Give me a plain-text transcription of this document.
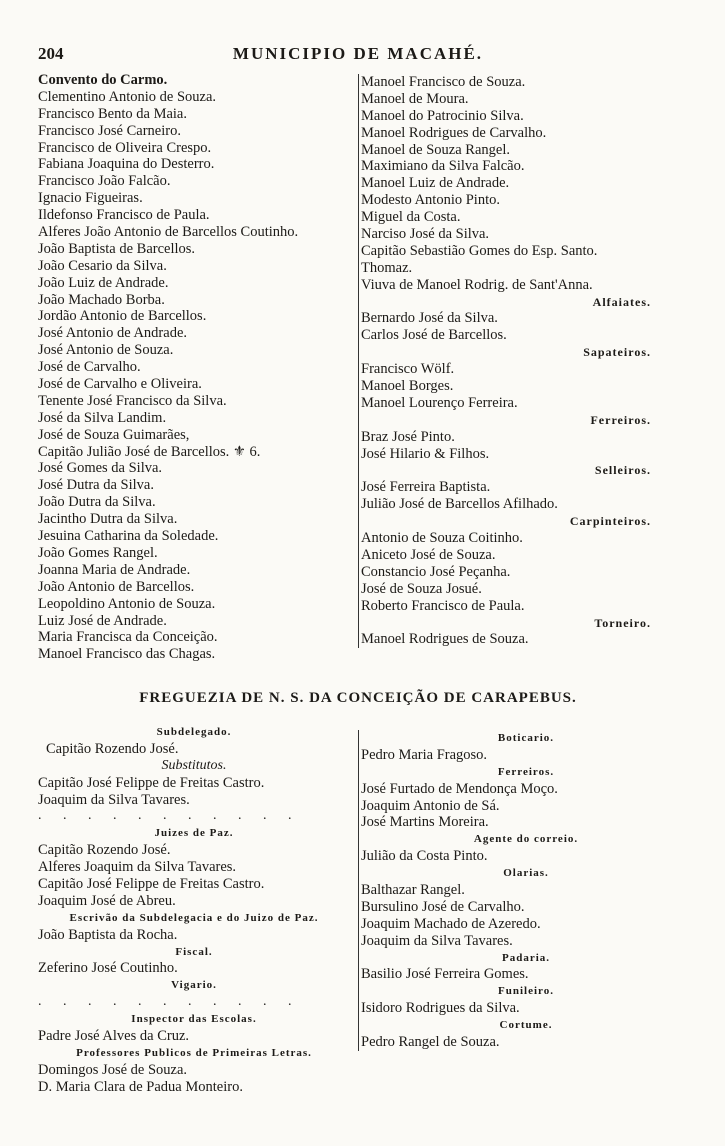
204	MUNICIPIO DE MACAHÉ.
Convento do Carmo.
Clementino Antonio de Souza.
Francisco Bento da Maia.
Francisco José Carneiro.
Francisco de Oliveira Crespo.
Fabiana Joaquina do Desterro.
Francisco João Falcão.
Ignacio Figueiras.
Ildefonso Francisco de Paula.
Alferes João Antonio de Barcellos Coutinho.
João Baptista de Barcellos.
João Cesario da Silva.
João Luiz de Andrade.
João Machado Borba.
Jordão Antonio de Barcellos.
José Antonio de Andrade.
José Antonio de Souza.
José de Carvalho.
José de Carvalho e Oliveira.
Tenente José Francisco da Silva.
José da Silva Landim.
José de Souza Guimarães,
Capitão Julião José de Barcellos. ⚜ 6.
José Gomes da Silva.
José Dutra da Silva.
João Dutra da Silva.
Jacintho Dutra da Silva.
Jesuina Catharina da Soledade.
João Gomes Rangel.
Joanna Maria de Andrade.
João Antonio de Barcellos.
Leopoldino Antonio de Souza.
Luiz José de Andrade.
Maria Francisca da Conceição.
Manoel Francisco das Chagas.
Manoel Francisco de Souza.
Manoel de Moura.
Manoel do Patrocinio Silva.
Manoel Rodrigues de Carvalho.
Manoel de Souza Rangel.
Maximiano da Silva Falcão.
Manoel Luiz de Andrade.
Modesto Antonio Pinto.
Miguel da Costa.
Narciso José da Silva.
Capitão Sebastião Gomes do Esp. Santo.
Thomaz.
Viuva de Manoel Rodrig. de Sant'Anna.
Alfaiates.
Bernardo José da Silva.
Carlos José de Barcellos.
Sapateiros.
Francisco Wölf.
Manoel Borges.
Manoel Lourenço Ferreira.
Ferreiros.
Braz José Pinto.
José Hilario & Filhos.
Selleiros.
José Ferreira Baptista.
Julião José de Barcellos Afilhado.
Carpinteiros.
Antonio de Souza Coitinho.
Aniceto José de Souza.
Constancio José Peçanha.
José de Souza Josué.
Roberto Francisco de Paula.
Torneiro.
Manoel Rodrigues de Souza.
FREGUEZIA DE N. S. DA CONCEIÇÃO DE CARAPEBUS.
Subdelegado.
Capitão Rozendo José.
Substitutos.
Capitão José Felippe de Freitas Castro.
Joaquim da Silva Tavares.
. . . . . . . . . . .
Juizes de Paz.
Capitão Rozendo José.
Alferes Joaquim da Silva Tavares.
Capitão José Felippe de Freitas Castro.
Joaquim José de Abreu.
Escrivão da Subdelegacia e do Juizo de Paz.
João Baptista da Rocha.
Fiscal.
Zeferino José Coutinho.
Vigario.
. . . . . . . . . . .
Inspector das Escolas.
Padre José Alves da Cruz.
Professores Publicos de Primeiras Letras.
Domingos José de Souza.
D. Maria Clara de Padua Monteiro.
Boticario.
Pedro Maria Fragoso.
Ferreiros.
José Furtado de Mendonça Moço.
Joaquim Antonio de Sá.
José Martins Moreira.
Agente do correio.
Julião da Costa Pinto.
Olarias.
Balthazar Rangel.
Bursulino José de Carvalho.
Joaquim Machado de Azeredo.
Joaquim da Silva Tavares.
Padaria.
Basilio José Ferreira Gomes.
Funileiro.
Isidoro Rodrigues da Silva.
Cortume.
Pedro Rangel de Souza.
